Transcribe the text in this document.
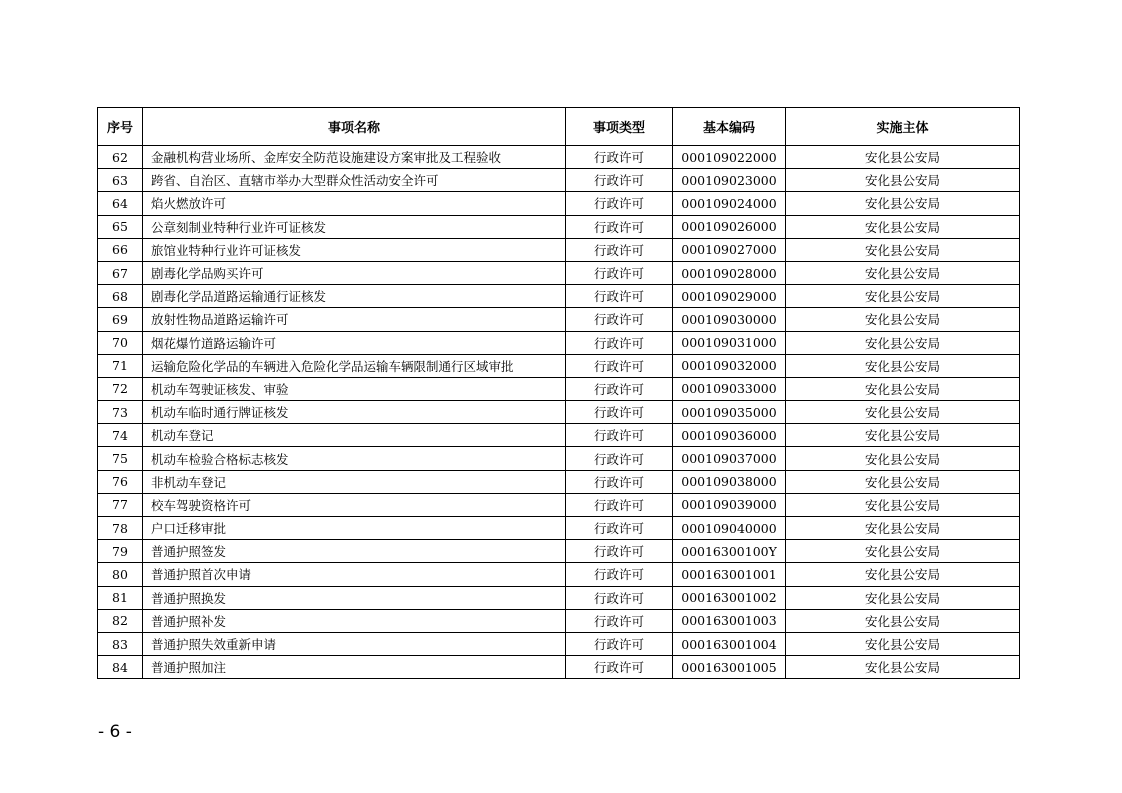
序号	事项名称	事项类型	基本编码	实施主体
62	金融机构营业场所、金库安全防范设施建设方案审批及工程验收	行政许可	000109022000	安化县公安局
63	跨省、自治区、直辖市举办大型群众性活动安全许可	行政许可	000109023000	安化县公安局
64	焰火燃放许可	行政许可	000109024000	安化县公安局
65	公章刻制业特种行业许可证核发	行政许可	000109026000	安化县公安局
66	旅馆业特种行业许可证核发	行政许可	000109027000	安化县公安局
67	剧毒化学品购买许可	行政许可	000109028000	安化县公安局
68	剧毒化学品道路运输通行证核发	行政许可	000109029000	安化县公安局
69	放射性物品道路运输许可	行政许可	000109030000	安化县公安局
70	烟花爆竹道路运输许可	行政许可	000109031000	安化县公安局
71	运输危险化学品的车辆进入危险化学品运输车辆限制通行区域审批	行政许可	000109032000	安化县公安局
72	机动车驾驶证核发、审验	行政许可	000109033000	安化县公安局
73	机动车临时通行牌证核发	行政许可	000109035000	安化县公安局
74	机动车登记	行政许可	000109036000	安化县公安局
75	机动车检验合格标志核发	行政许可	000109037000	安化县公安局
76	非机动车登记	行政许可	000109038000	安化县公安局
77	校车驾驶资格许可	行政许可	000109039000	安化县公安局
78	户口迁移审批	行政许可	000109040000	安化县公安局
79	普通护照签发	行政许可	00016300100Y	安化县公安局
80	普通护照首次申请	行政许可	000163001001	安化县公安局
81	普通护照换发	行政许可	000163001002	安化县公安局
82	普通护照补发	行政许可	000163001003	安化县公安局
83	普通护照失效重新申请	行政许可	000163001004	安化县公安局
84	普通护照加注	行政许可	000163001005	安化县公安局
- 6 -
